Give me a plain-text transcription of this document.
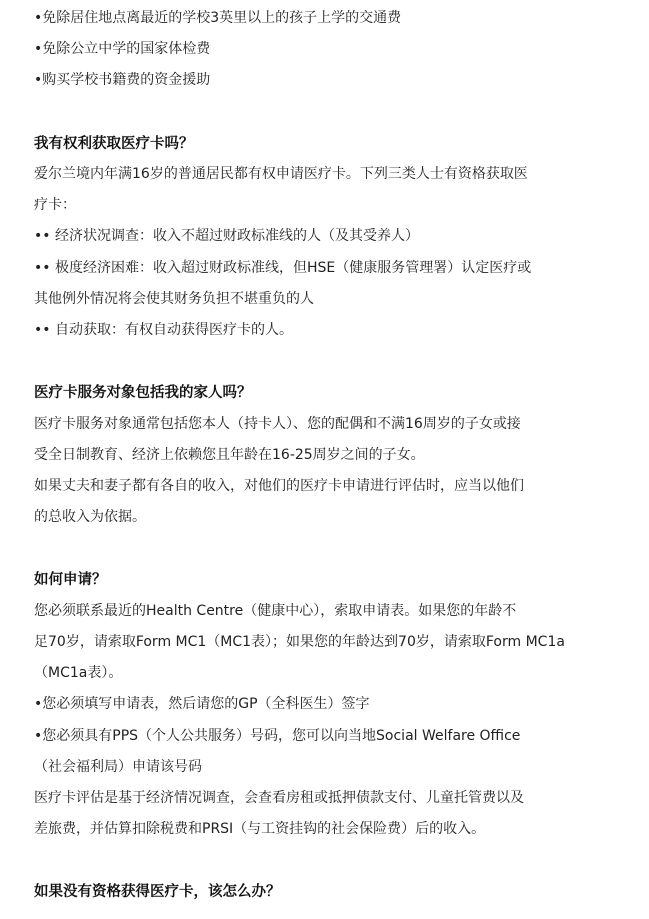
•免除居住地点离最近的学校3英里以上的孩子上学的交通费
•免除公立中学的国家体检费
•购买学校书籍费的资金援助
我有权利获取医疗卡吗？
爱尔兰境内年满16岁的普通居民都有权申请医疗卡。下列三类人士有资格获取医
疗卡：
•• 经济状况调查：收入不超过财政标准线的人（及其受养人）
•• 极度经济困难：收入超过财政标准线，但HSE（健康服务管理署）认定医疗或
其他例外情况将会使其财务负担不堪重负的人
•• 自动获取：有权自动获得医疗卡的人。
医疗卡服务对象包括我的家人吗？
医疗卡服务对象通常包括您本人（持卡人）、您的配偶和不满16周岁的子女或接
受全日制教育、经济上依赖您且年龄在16-25周岁之间的子女。
如果丈夫和妻子都有各自的收入，对他们的医疗卡申请进行评估时，应当以他们
的总收入为依据。
如何申请？
您必须联系最近的Health Centre（健康中心），索取申请表。如果您的年龄不
足70岁，请索取Form MC1（MC1表）；如果您的年龄达到70岁，请索取Form MC1a
（MC1a表）。
•您必须填写申请表，然后请您的GP（全科医生）签字
•您必须具有PPS（个人公共服务）号码，您可以向当地Social Welfare Office
（社会福利局）申请该号码
医疗卡评估是基于经济情况调查，会查看房租或抵押债款支付、儿童托管费以及
差旅费，并估算扣除税费和PRSI（与工资挂钩的社会保险费）后的收入。
如果没有资格获得医疗卡，该怎么办？
